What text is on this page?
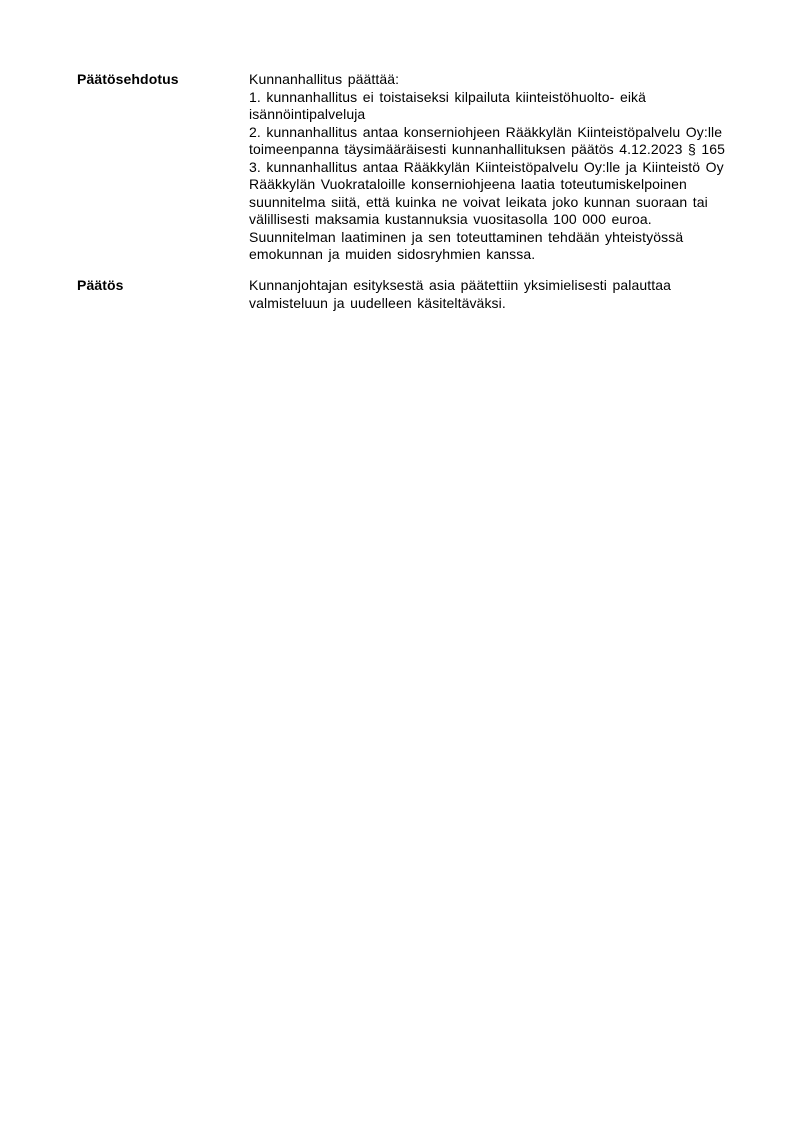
Päätösehdotus	Kunnanhallitus päättää:
1. kunnanhallitus ei toistaiseksi kilpailuta kiinteistöhuolto- eikä
isännöintipalveluja
2. kunnanhallitus antaa konserniohjeen Rääkkylän Kiinteistöpalvelu Oy:lle
toimeenpanna täysimääräisesti kunnanhallituksen päätös 4.12.2023 § 165
3. kunnanhallitus antaa Rääkkylän Kiinteistöpalvelu Oy:lle ja Kiinteistö Oy
Rääkkylän Vuokrataloille konserniohjeena laatia toteutumiskelpoinen
suunnitelma siitä, että kuinka ne voivat leikata joko kunnan suoraan tai
välillisesti maksamia kustannuksia vuositasolla 100 000 euroa.
Suunnitelman laatiminen ja sen toteuttaminen tehdään yhteistyössä
emokunnan ja muiden sidosryhmien kanssa.
Päätös	Kunnanjohtajan esityksestä asia päätettiin yksimielisesti palauttaa
valmisteluun ja uudelleen käsiteltäväksi.
